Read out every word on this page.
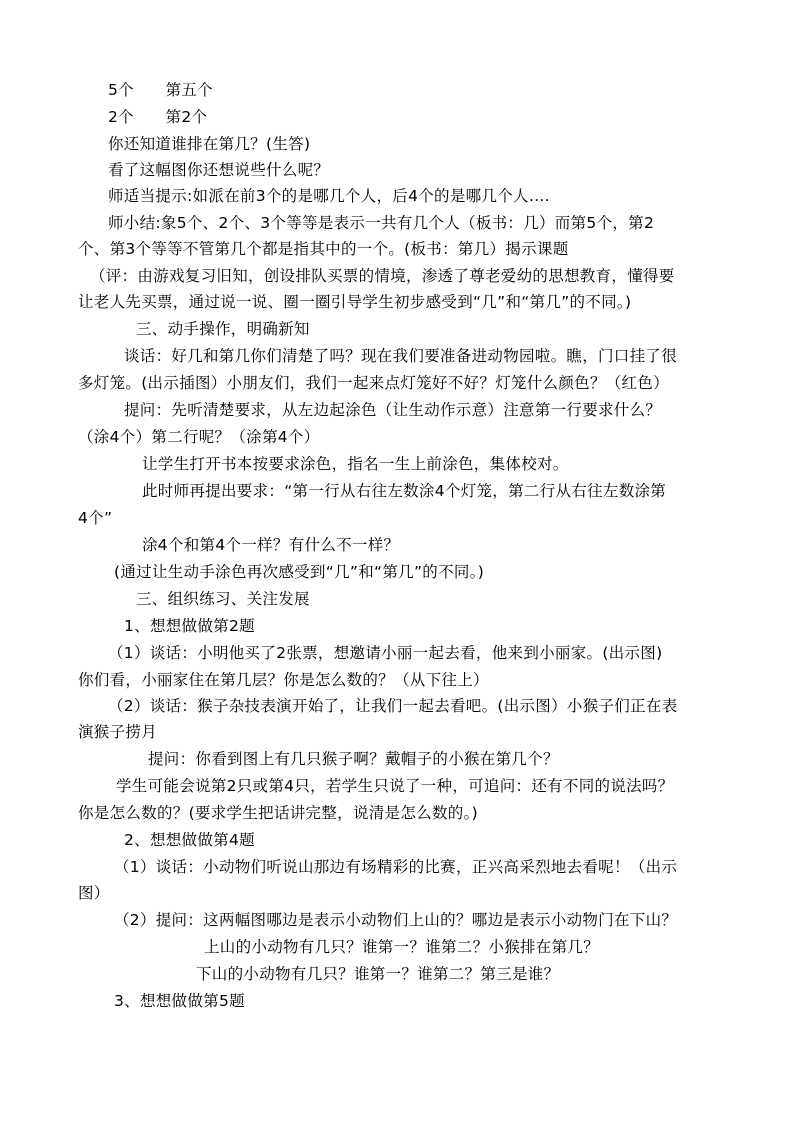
5个　　第五个
2个　　第2个
你还知道谁排在第几？(生答)
看了这幅图你还想说些什么呢？
师适当提示:如派在前3个的是哪几个人，后4个的是哪几个人….
师小结:象5个、2个、3个等等是表示一共有几个人（板书：几）而第5个，第2
个、第3个等等不管第几个都是指其中的一个。(板书：第几）揭示课题
（评：由游戏复习旧知，创设排队买票的情境，渗透了尊老爱幼的思想教育，懂得要
让老人先买票，通过说一说、圈一圈引导学生初步感受到“几”和“第几”的不同。)
三、动手操作，明确新知
谈话：好几和第几你们清楚了吗？现在我们要准备进动物园啦。瞧，门口挂了很
多灯笼。(出示插图）小朋友们，我们一起来点灯笼好不好？灯笼什么颜色？（红色）
提问：先听清楚要求，从左边起涂色（让生动作示意）注意第一行要求什么？
（涂4个）第二行呢？（涂第4个）
让学生打开书本按要求涂色，指名一生上前涂色，集体校对。
此时师再提出要求：“第一行从右往左数涂4个灯笼，第二行从右往左数涂第
4个”
涂4个和第4个一样？有什么不一样？
(通过让生动手涂色再次感受到“几”和“第几”的不同。)
三、组织练习、关注发展
1、想想做做第2题
（1）谈话：小明他买了2张票，想邀请小丽一起去看，他来到小丽家。(出示图)
你们看，小丽家住在第几层？你是怎么数的？（从下往上）
（2）谈话：猴子杂技表演开始了，让我们一起去看吧。(出示图）小猴子们正在表
演猴子捞月
提问：你看到图上有几只猴子啊？戴帽子的小猴在第几个？
学生可能会说第2只或第4只，若学生只说了一种，可追问：还有不同的说法吗？
你是怎么数的？(要求学生把话讲完整，说清是怎么数的。)
2、想想做做第4题
（1）谈话：小动物们听说山那边有场精彩的比赛，正兴高采烈地去看呢！（出示
图）
（2）提问：这两幅图哪边是表示小动物们上山的？哪边是表示小动物门在下山？
上山的小动物有几只？谁第一？谁第二？小猴排在第几？
下山的小动物有几只？谁第一？谁第二？第三是谁？
3、想想做做第5题
